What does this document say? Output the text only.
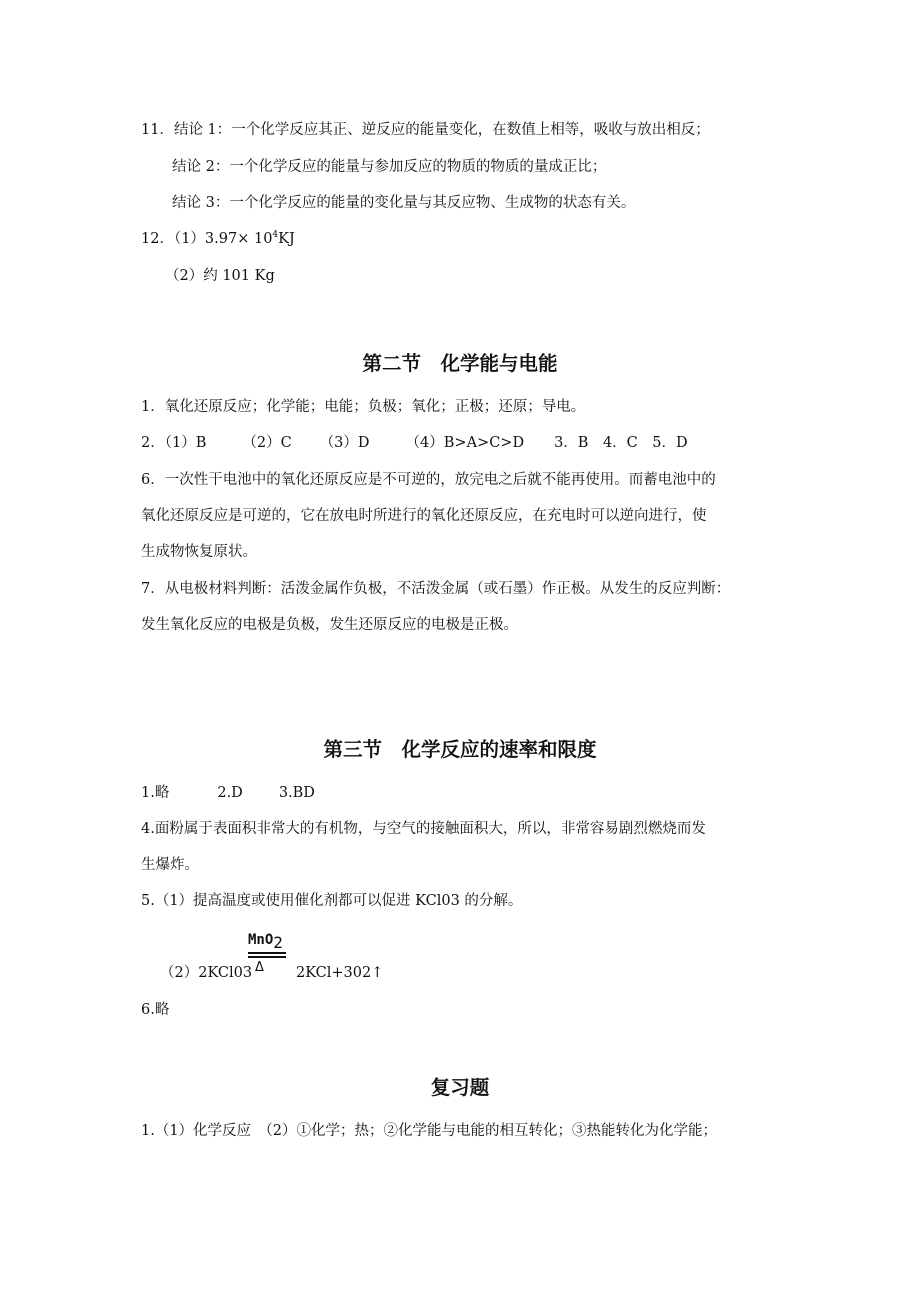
11．结论 1：一个化学反应其正、逆反应的能量变化，在数值上相等，吸收与放出相反；
结论 2：一个化学反应的能量与参加反应的物质的物质的量成正比；
结论 3：一个化学反应的能量的变化量与其反应物、生成物的状态有关。
12．$(1)3.97\times 10^4KJ$
（2）约 101 Kg
第二节　化学能与电能
1．氧化还原反应；化学能；电能；负极；氧化；正极；还原；导电。
2．（1）B （2）C （3）D （4）B>A>C>D 3．B　4．C　5．D
6．一次性干电池中的氧化还原反应是不可逆的，放完电之后就不能再使用。而蓄电池中的
氧化还原反应是可逆的，它在放电时所进行的氧化还原反应，在充电时可以逆向进行，使
生成物恢复原状。
7．从电极材料判断：活泼金属作负极，不活泼金属（或石墨）作正极。从发生的反应判断：
发生氧化反应的电极是负极，发生还原反应的电极是正极。
第三节　化学反应的速率和限度
1.略	2.D 3.BD
4.面粉属于表面积非常大的有机物，与空气的接触面积大，所以，非常容易剧烈燃烧而发
生爆炸。
5.（1）提高温度或使用催化剂都可以促进 KCl03 的分解。
MnO2
Δ
（2）2KCl03	2KCl+302↑
6.略
复习题
1.（1）化学反应　（2）①化学；热；②化学能与电能的相互转化；③热能转化为化学能；
